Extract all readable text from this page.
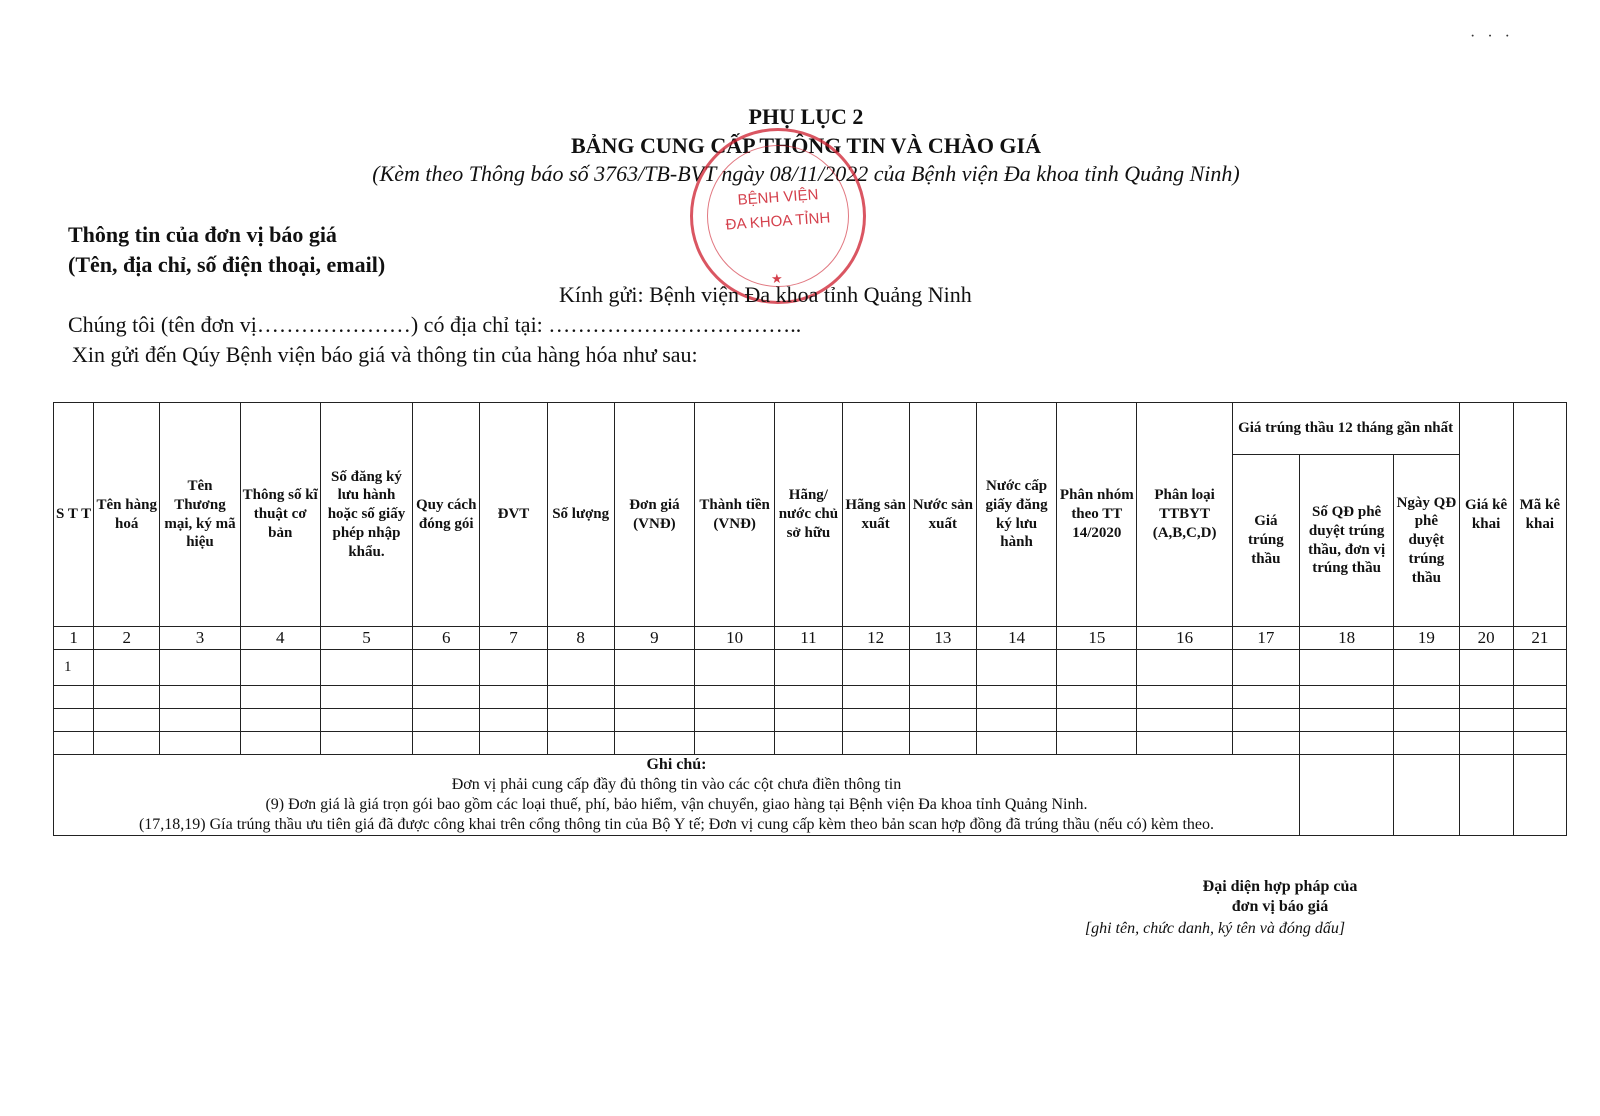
···
PHỤ LỤC 2
BẢNG CUNG CẤP THÔNG TIN VÀ CHÀO GIÁ
(Kèm theo Thông báo số 3763/TB-BVT ngày 08/11/2022 của Bệnh viện Đa khoa tỉnh Quảng Ninh)
BỆNH VIỆN
ĐA KHOA TỈNH
★
Thông tin của đơn vị báo giá
(Tên, địa chỉ, số điện thoại, email)
Kính gửi: Bệnh viện Đa khoa tỉnh Quảng Ninh
Chúng tôi (tên đơn vị…………………) có địa chỉ tại: ……………………………..
Xin gửi đến Qúy Bệnh viện báo giá và thông tin của hàng hóa như sau:
S T T	Tên hàng hoá	Tên Thương mại, ký mã hiệu	Thông số kĩ thuật cơ bản	Số đăng ký lưu hành hoặc số giấy phép nhập khẩu.	Quy cách đóng gói	ĐVT	Số lượng	Đơn giá (VNĐ)	Thành tiền (VNĐ)	Hãng/ nước chủ sở hữu	Hãng sản xuất	Nước sản xuất	Nước cấp giấy đăng ký lưu hành	Phân nhóm theo TT 14/2020	Phân loại TTBYT (A,B,C,D)	Giá trúng thầu 12 tháng gần nhất			Giá kê khai	Mã kê khai
																Giá trúng thầu	Số QĐ phê duyệt trúng thầu, đơn vị trúng thầu	Ngày QĐ phê duyệt trúng thầu		
1	2	3	4	5	6	7	8	9	10	11	12	13	14	15	16	17	18	19	20	21
1																				

Ghi chú:
Đơn vị phải cung cấp đầy đủ thông tin vào các cột chưa điền thông tin
(9) Đơn giá là giá trọn gói bao gồm các loại thuế, phí, bảo hiểm, vận chuyển, giao hàng tại Bệnh viện Đa khoa tỉnh Quảng Ninh.
(17,18,19) Gía trúng thầu ưu tiên giá đã được công khai trên cổng thông tin của Bộ Y tế; Đơn vị cung cấp kèm theo bản scan hợp đồng đã trúng thầu (nếu có) kèm theo.																				

Đại diện hợp pháp của
đơn vị báo giá
[ghi tên, chức danh, ký tên và đóng dấu]
